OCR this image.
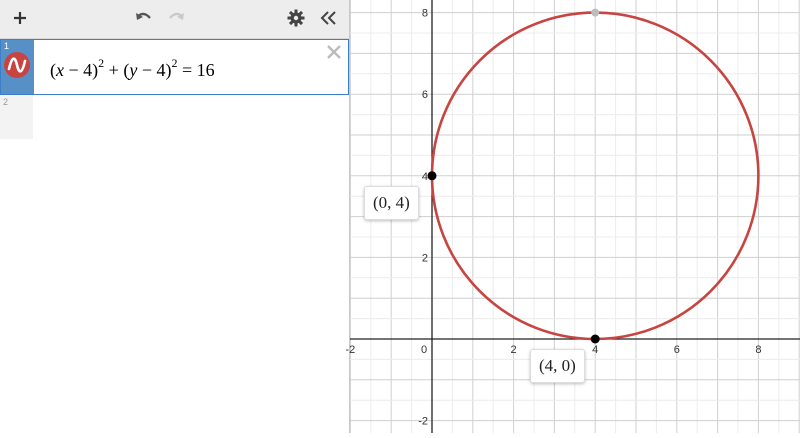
1
$(x - 4)^2 + (y - 4)^2 = 16$
2
-2	0	2	4	6	8
8
6
4
2
-2
(0, 4)
(4, 0)
